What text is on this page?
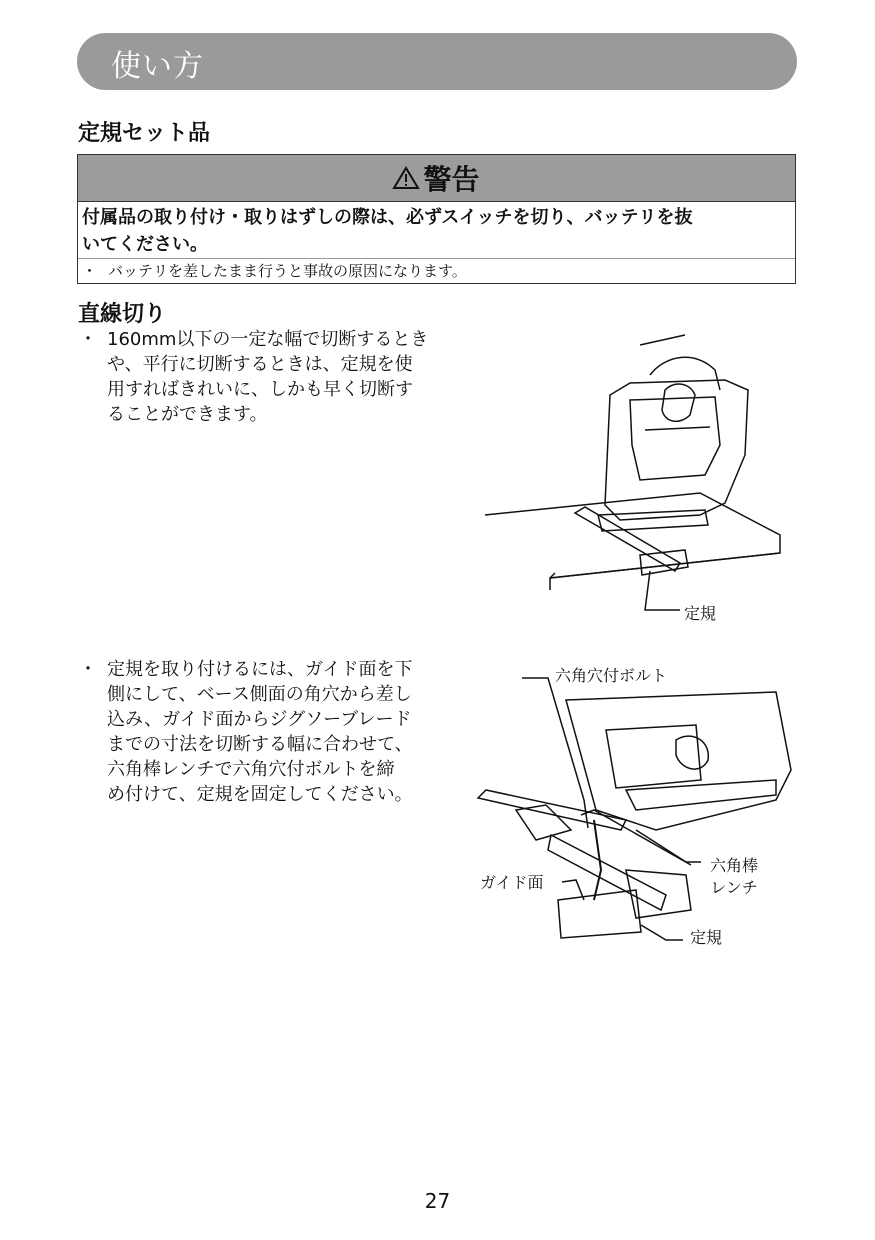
使い方
定規セット品
警告
付属品の取り付け・取りはずしの際は、必ずスイッチを切り、バッテリを抜
いてください。
・ バッテリを差したまま行うと事故の原因になります。
直線切り
・ 160mm以下の一定な幅で切断するとき
や、平行に切断するときは、定規を使
用すればきれいに、しかも早く切断す
ることができます。
・ 定規を取り付けるには、ガイド面を下
側にして、ベース側面の角穴から差し
込み、ガイド面からジグソーブレード
までの寸法を切断する幅に合わせて、
六角棒レンチで六角穴付ボルトを締
め付けて、定規を固定してください。
定規
六角穴付ボルト
六角棒
レンチ
ガイド面
定規
27
